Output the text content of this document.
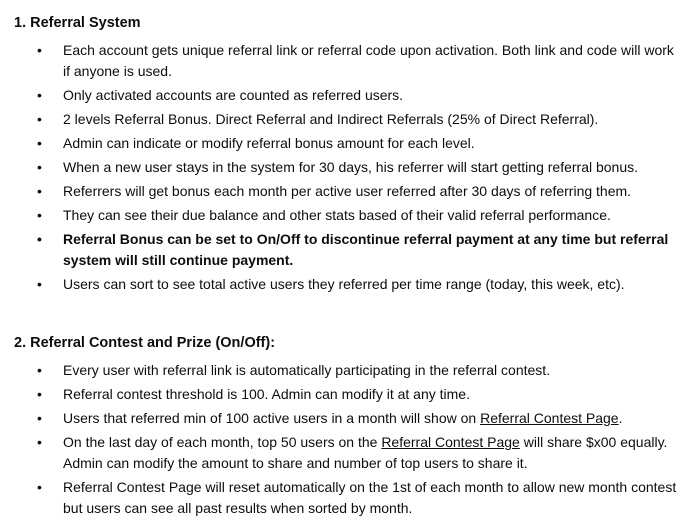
1. Referral System
• Each account gets unique referral link or referral code upon activation. Both link and code will work if anyone is used.
• Only activated accounts are counted as referred users.
• 2 levels Referral Bonus. Direct Referral and Indirect Referrals (25% of Direct Referral).
• Admin can indicate or modify referral bonus amount for each level.
• When a new user stays in the system for 30 days, his referrer will start getting referral bonus.
• Referrers will get bonus each month per active user referred after 30 days of referring them.
• They can see their due balance and other stats based of their valid referral performance.
• Referral Bonus can be set to On/Off to discontinue referral payment at any time but referral system will still continue payment.
• Users can sort to see total active users they referred per time range (today, this week, etc).
2. Referral Contest and Prize (On/Off):
• Every user with referral link is automatically participating in the referral contest.
• Referral contest threshold is 100. Admin can modify it at any time.
• Users that referred min of 100 active users in a month will show on Referral Contest Page.
• On the last day of each month, top 50 users on the Referral Contest Page will share $x00 equally. Admin can modify the amount to share and number of top users to share it.
• Referral Contest Page will reset automatically on the 1st of each month to allow new month contest but users can see all past results when sorted by month.
